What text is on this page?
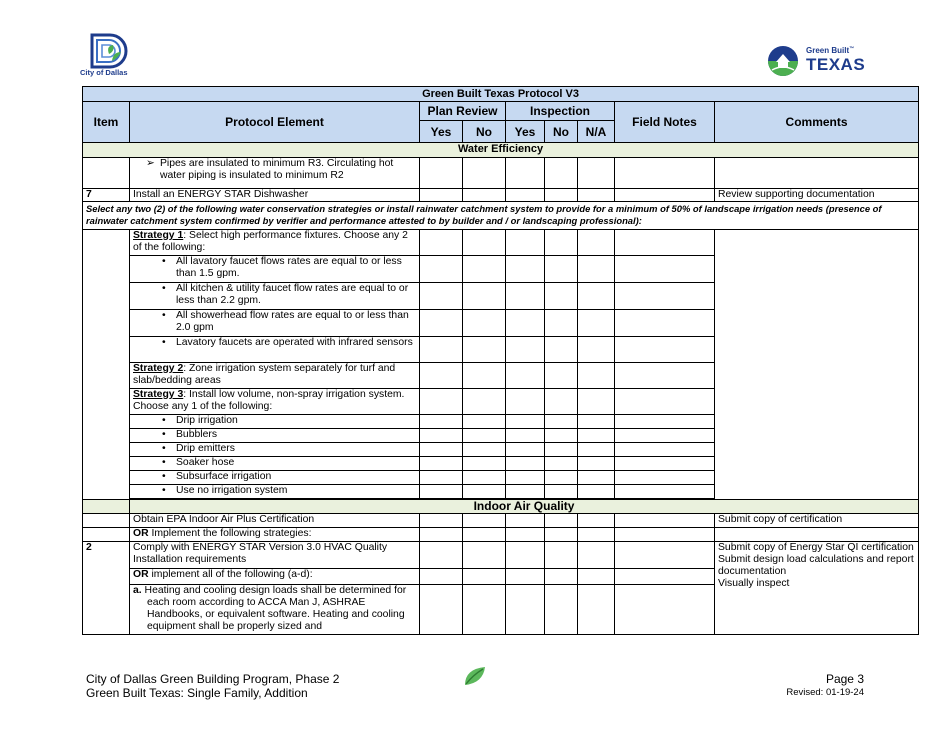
City of Dallas
Green Built™
TEXAS
Green Built Texas Protocol V3								
Item	Protocol Element	Plan Review		Inspection			Field Notes	Comments
		Yes	No	Yes	No	N/A		
Water Efficiency								
	➢ Pipes are insulated to minimum R3. Circulating hot water piping is insulated to minimum R2							
7	Install an ENERGY STAR Dishwasher							Review supporting documentation
Select any two (2) of the following water conservation strategies or install rainwater catchment system to provide for a minimum of 50% of landscape irrigation needs (presence of rainwater catchment system confirmed by verifier and performance attested to by builder and / or landscaping professional):								
	Strategy 1: Select high performance fixtures. Choose any 2 of the following:							
	• All lavatory faucet flows rates are equal to or less than 1.5 gpm.							
	• All kitchen & utility faucet flow rates are equal to or less than 2.2 gpm.							
	• All showerhead flow rates are equal to or less than 2.0 gpm							
	• Lavatory faucets are operated with infrared sensors							
	Strategy 2: Zone irrigation system separately for turf and slab/bedding areas							
	Strategy 3: Install low volume, non-spray irrigation system. Choose any 1 of the following:							
	• Drip irrigation							
	• Bubblers							
	• Drip emitters							
	• Soaker hose							
	• Subsurface irrigation							
	• Use no irrigation system							

	Indoor Air Quality							
	Obtain EPA Indoor Air Plus Certification							Submit copy of certification
	OR Implement the following strategies:							
2	Comply with ENERGY STAR Version 3.0 HVAC Quality Installation requirements							Submit copy of Energy Star QI certification
Submit design load calculations and report documentation
Visually inspect

	OR implement all of the following (a-d):							
	a. Heating and cooling design loads shall be determined for each room according to ACCA Man J, ASHRAE Handbooks, or equivalent software. Heating and cooling equipment shall be properly sized and							
City of Dallas Green Building Program, Phase 2
Green Built Texas: Single Family, Addition
Page 3
Revised: 01-19-24
